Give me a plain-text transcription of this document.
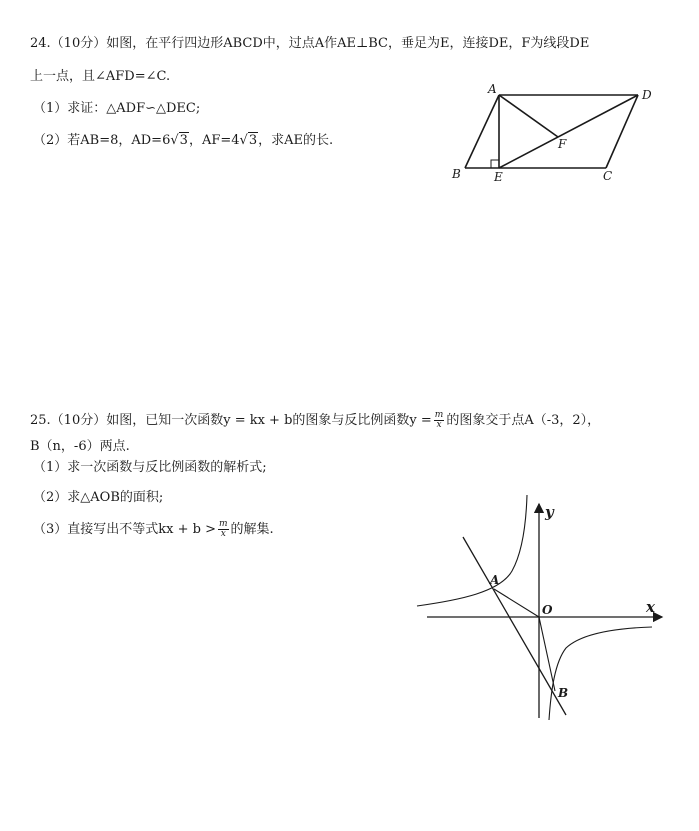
24.（10分）如图，在平行四边形ABCD中，过点A作AE⊥BC，垂足为E，连接DE，F为线段DE
上一点，且∠AFD=∠C.
（1）求证：△ADF∽△DEC;
（2）若AB=8，AD=6√3，AF=4√3，求AE的长.
A
B	C
D
E
F
25.（10分）如图，已知一次函数y = kx + b的图象与反比例函数$y = \frac{m}{x}$ 的图象交于点A（-3，2），
B（n，-6）两点.
（1）求一次函数与反比例函数的解析式;
（2）求△AOB的面积;
（3）直接写出不等式kx + $b > \frac{m}{x}$ 的解集.
x
y
O
A
B
